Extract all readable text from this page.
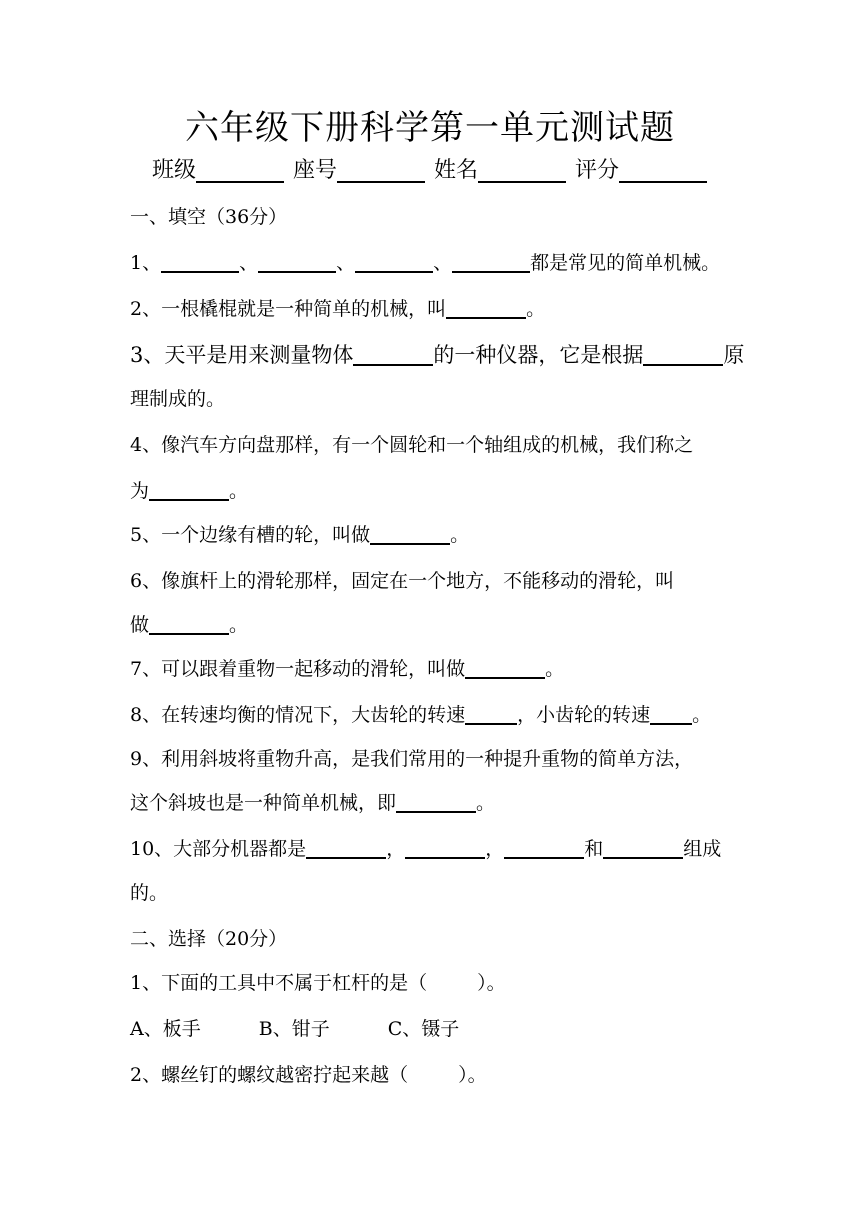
六年级下册科学第一单元测试题
班级	座号	姓名	评分
一、填空（36分）
1、	、	、	、	都是常见的简单机械。
2、一根橇棍就是一种简单的机械，叫	。
3、天平是用来测量物体	的一种仪器，它是根据	原
理制成的。
4、像汽车方向盘那样，有一个圆轮和一个轴组成的机械，我们称之
为	。
5、一个边缘有槽的轮，叫做	。
6、像旗杆上的滑轮那样，固定在一个地方，不能移动的滑轮，叫
做	。
7、可以跟着重物一起移动的滑轮，叫做	。
8、在转速均衡的情况下，大齿轮的转速	，小齿轮的转速 。
9、利用斜坡将重物升高，是我们常用的一种提升重物的简单方法，
这个斜坡也是一种简单机械，即	。
10、大部分机器都是	，	，	和	组成
的。
二、选择（20分）
1、下面的工具中不属于杠杆的是（	）。
A、板手	B、钳子	C、镊子
2、螺丝钉的螺纹越密拧起来越（	）。
